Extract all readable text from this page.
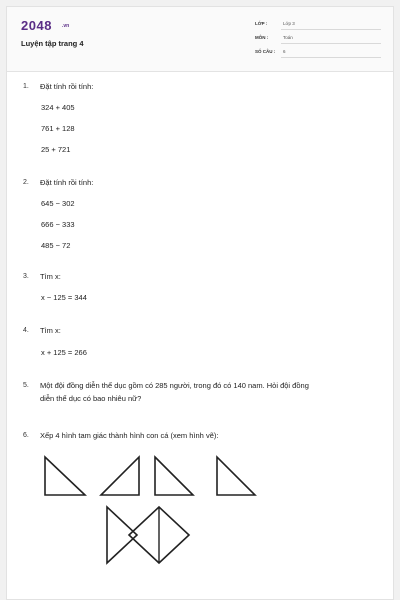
2048 .vn
Luyện tập trang 4
LỚP :	Lớp 3
MÔN :	Toán
SỐ CÂU : 6
1. Đặt tính rồi tính:
324 + 405
761 + 128
25 + 721
2. Đặt tính rồi tính:
645 − 302
666 − 333
485 − 72
3. Tìm x:
x − 125 = 344
4. Tìm x:
x + 125 = 266
5. Một đội đồng diễn thể dục gồm có 285 người, trong đó có 140 nam. Hỏi đội đồng
diễn thể dục có bao nhiêu nữ?
6. Xếp 4 hình tam giác thành hình con cá (xem hình vẽ):
